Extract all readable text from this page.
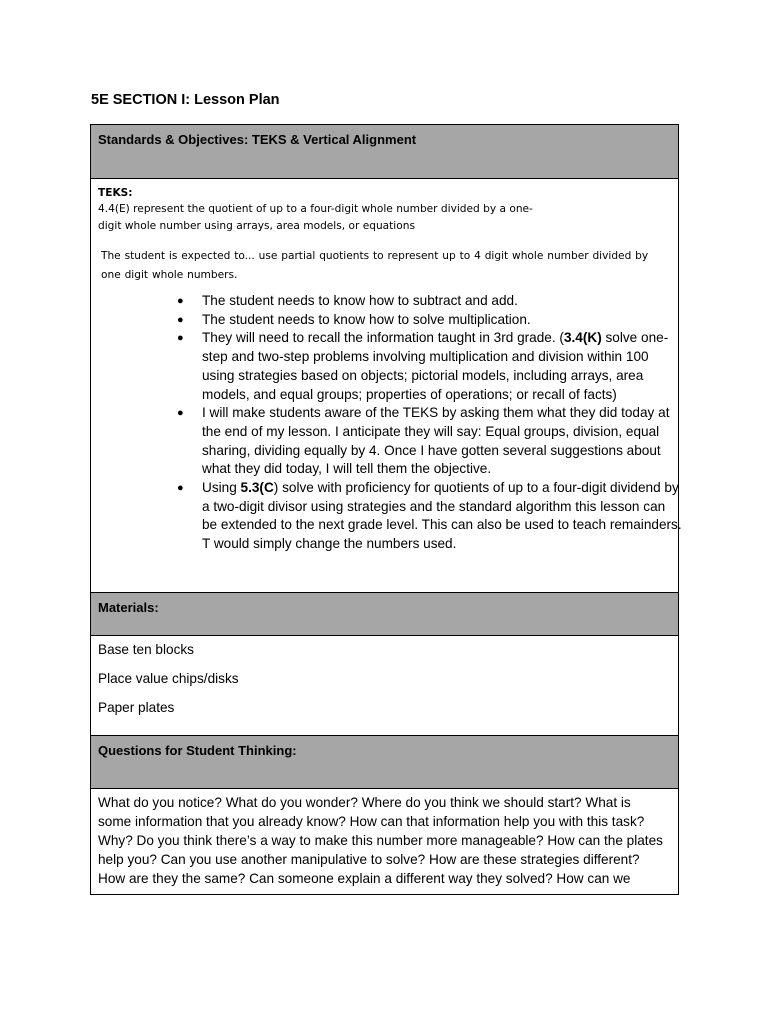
5E SECTION I: Lesson Plan
Standards & Objectives: TEKS & Vertical Alignment
TEKS:
4.4(E) represent the quotient of up to a four-digit whole number divided by a one-
digit whole number using arrays, area models, or equations
The student is expected to... use partial quotients to represent up to 4 digit whole number divided by
one digit whole numbers.
● The student needs to know how to subtract and add.
● The student needs to know how to solve multiplication.
● They will need to recall the information taught in 3rd grade. (3.4(K) solve one-step and two-step problems involving multiplication and division within 100 using strategies based on objects; pictorial models, including arrays, area models, and equal groups; properties of operations; or recall of facts)
● I will make students aware of the TEKS by asking them what they did today at the end of my lesson. I anticipate they will say: Equal groups, division, equal sharing, dividing equally by 4. Once I have gotten several suggestions about what they did today, I will tell them the objective.
● Using 5.3(C) solve with proficiency for quotients of up to a four-digit dividend by a two-digit divisor using strategies and the standard algorithm this lesson can be extended to the next grade level. This can also be used to teach remainders. T would simply change the numbers used.
Materials:
Base ten blocks
Place value chips/disks
Paper plates
Questions for Student Thinking:
What do you notice? What do you wonder? Where do you think we should start? What is
some information that you already know? How can that information help you with this task?
Why? Do you think there’s a way to make this number more manageable? How can the plates
help you? Can you use another manipulative to solve? How are these strategies different?
How are they the same? Can someone explain a different way they solved? How can we
